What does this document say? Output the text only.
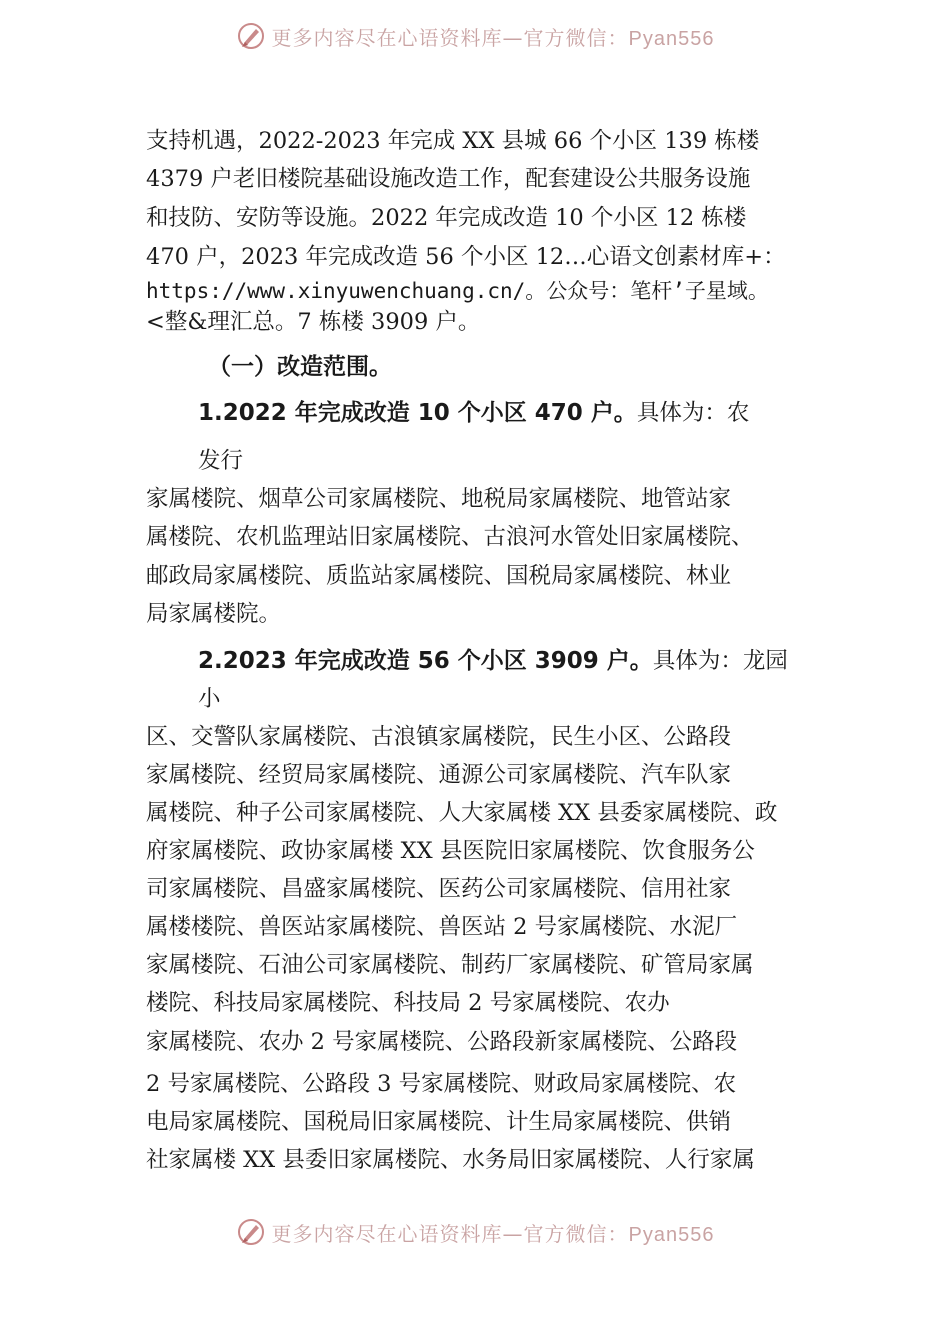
更多内容尽在心语资料库—官方微信：Pyan556
支持机遇，2022-2023 年完成 XX 县城 66 个小区 139 栋楼
4379 户老旧楼院基础设施改造工作，配套建设公共服务设施
和技防、安防等设施。2022 年完成改造 10 个小区 12 栋楼
470 户，2023 年完成改造 56 个小区 12…心语文创素材库+：
https://www.xinyuwenchuang.cn/。公众号：笔杆’子星域。
<整&理汇总。7 栋楼 3909 户。
（一）改造范围。
1.2022 年完成改造 10 个小区 470 户。具体为：农
发行
家属楼院、烟草公司家属楼院、地税局家属楼院、地管站家
属楼院、农机监理站旧家属楼院、古浪河水管处旧家属楼院、
邮政局家属楼院、质监站家属楼院、国税局家属楼院、林业
局家属楼院。
2.2023 年完成改造 56 个小区 3909 户。具体为：龙园
小
区、交警队家属楼院、古浪镇家属楼院，民生小区、公路段
家属楼院、经贸局家属楼院、通源公司家属楼院、汽车队家
属楼院、种子公司家属楼院、人大家属楼 XX 县委家属楼院、政
府家属楼院、政协家属楼 XX 县医院旧家属楼院、饮食服务公
司家属楼院、昌盛家属楼院、医药公司家属楼院、信用社家
属楼楼院、兽医站家属楼院、兽医站 2 号家属楼院、水泥厂
家属楼院、石油公司家属楼院、制药厂家属楼院、矿管局家属
楼院、科技局家属楼院、科技局 2 号家属楼院、农办
家属楼院、农办 2 号家属楼院、公路段新家属楼院、公路段
2 号家属楼院、公路段 3 号家属楼院、财政局家属楼院、农
电局家属楼院、国税局旧家属楼院、计生局家属楼院、供销
社家属楼 XX 县委旧家属楼院、水务局旧家属楼院、人行家属
更多内容尽在心语资料库—官方微信：Pyan556
